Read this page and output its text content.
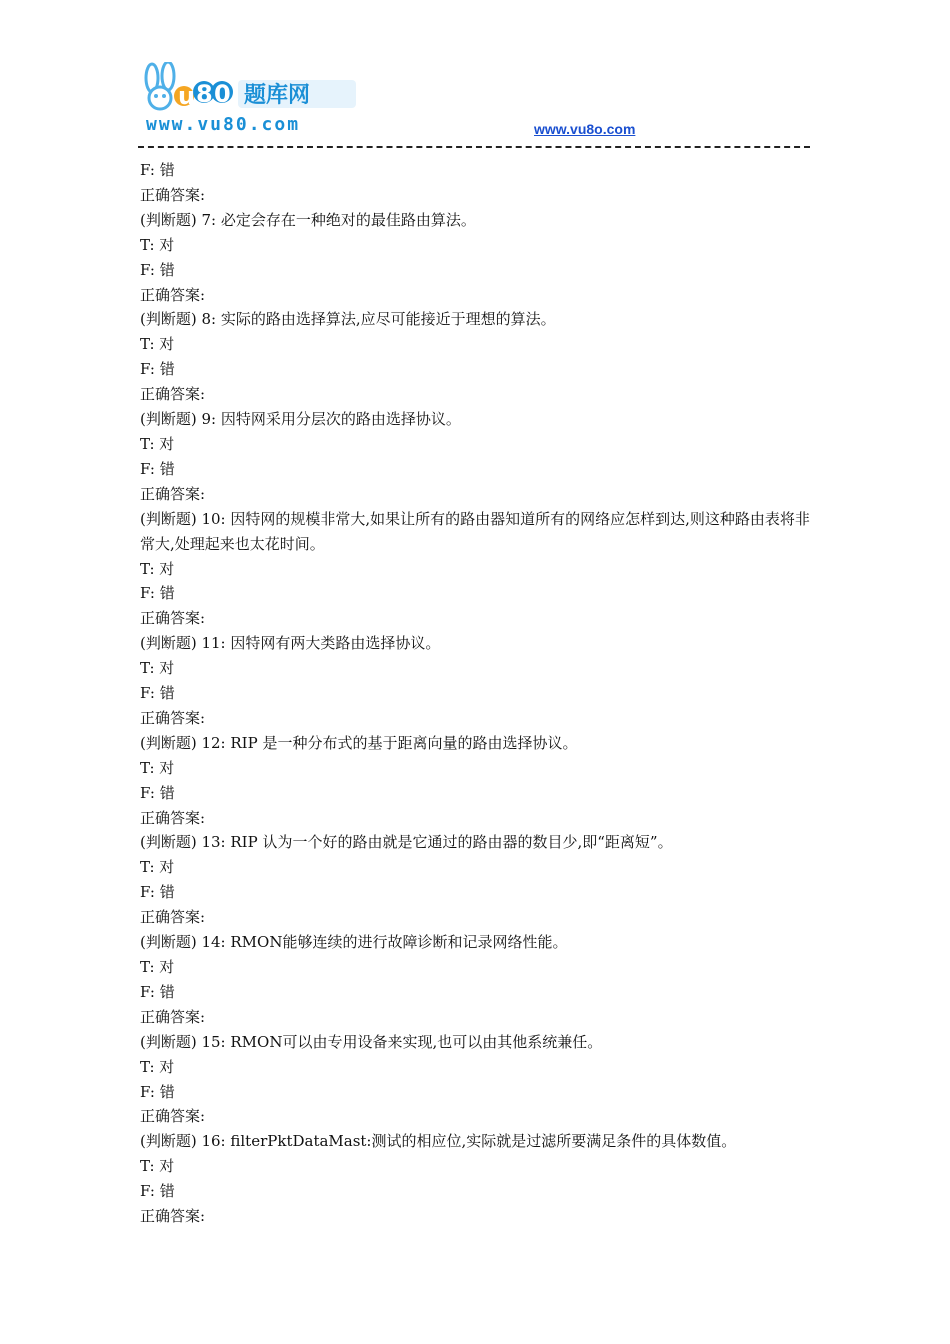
u 8 0 题库网
www.vu80.com	www.vu8o.com
F: 错
正确答案:
(判断题) 7: 必定会存在一种绝对的最佳路由算法。
T: 对
F: 错
正确答案:
(判断题) 8: 实际的路由选择算法,应尽可能接近于理想的算法。
T: 对
F: 错
正确答案:
(判断题) 9: 因特网采用分层次的路由选择协议。
T: 对
F: 错
正确答案:
(判断题) 10: 因特网的规模非常大,如果让所有的路由器知道所有的网络应怎样到达,则这种路由表将非常大,处理起来也太花时间。
T: 对
F: 错
正确答案:
(判断题) 11: 因特网有两大类路由选择协议。
T: 对
F: 错
正确答案:
(判断题) 12: RIP 是一种分布式的基于距离向量的路由选择协议。
T: 对
F: 错
正确答案:
(判断题) 13: RIP 认为一个好的路由就是它通过的路由器的数目少,即“距离短”。
T: 对
F: 错
正确答案:
(判断题) 14: RMON能够连续的进行故障诊断和记录网络性能。
T: 对
F: 错
正确答案:
(判断题) 15: RMON可以由专用设备来实现,也可以由其他系统兼任。
T: 对
F: 错
正确答案:
(判断题) 16: filterPktDataMast:测试的相应位,实际就是过滤所要满足条件的具体数值。
T: 对
F: 错
正确答案:
